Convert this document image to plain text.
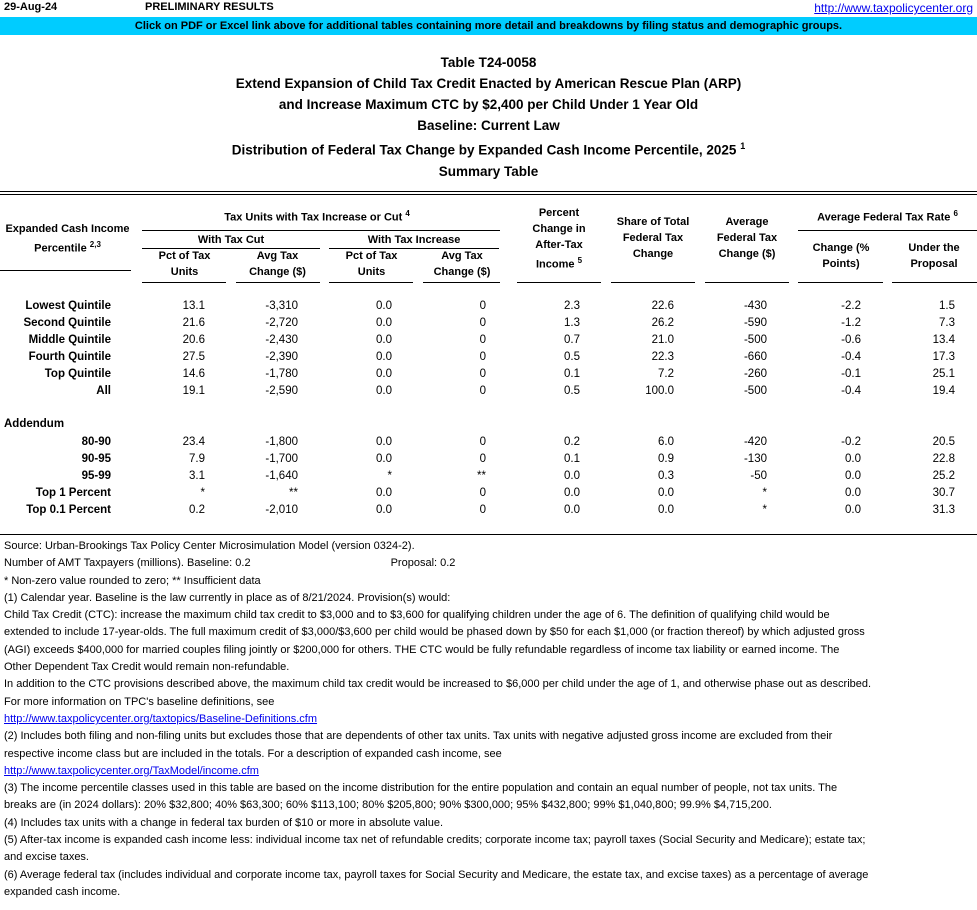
29-Aug-24	PRELIMINARY RESULTS	http://www.taxpolicycenter.org
Click on PDF or Excel link above for additional tables containing more detail and breakdowns by filing status and demographic groups.
Table T24-0058
Extend Expansion of Child Tax Credit Enacted by American Rescue Plan (ARP)
and Increase Maximum CTC by $2,400 per Child Under 1 Year Old
Baseline: Current Law
Distribution of Federal Tax Change by Expanded Cash Income Percentile, 2025 $^1$
Summary Table
Expanded Cash Income
Percentile $^{2,3}$
Tax Units with Tax Increase or Cut $^4$
With Tax Cut	With Tax Increase
Pct of Tax
Units
Avg Tax
Change ($)
Pct of Tax
Units
Avg Tax
Change ($)
Percent
Change in
After-Tax
Income $^5$
Share of Total
Federal Tax
Change
Average
Federal Tax
Change ($)
Average Federal Tax Rate $^6$
Change (%
Points)
Under the
Proposal
Lowest Quintile	13.1	-3,310	0.0	0	2.3	22.6	-430	-2.2	1.5
Second Quintile	21.6	-2,720	0.0	0	1.3	26.2	-590	-1.2	7.3
Middle Quintile	20.6	-2,430	0.0	0	0.7	21.0	-500	-0.6	13.4
Fourth Quintile	27.5	-2,390	0.0	0	0.5	22.3	-660	-0.4	17.3
Top Quintile	14.6	-1,780	0.0	0	0.1	7.2	-260	-0.1	25.1
All	19.1	-2,590	0.0	0	0.5	100.0	-500	-0.4	19.4
Addendum
80-90	23.4	-1,800	0.0	0	0.2	6.0	-420	-0.2	20.5
90-95	7.9	-1,700	0.0	0	0.1	0.9	-130	0.0	22.8
95-99	3.1	-1,640	*	**	0.0	0.3	-50	0.0	25.2
Top 1 Percent	*	**	0.0	0	0.0	0.0	*	0.0	30.7
Top 0.1 Percent	0.2	-2,010	0.0	0	0.0	0.0	*	0.0	31.3
Source: Urban-Brookings Tax Policy Center Microsimulation Model (version 0324-2).
Number of AMT Taxpayers (millions). Baseline: 0.2	Proposal: 0.2
* Non-zero value rounded to zero; ** Insufficient data
(1) Calendar year. Baseline is the law currently in place as of 8/21/2024. Provision(s) would:
Child Tax Credit (CTC): increase the maximum child tax credit to $3,000 and to $3,600 for qualifying children under the age of 6. The definition of qualifying child would be
extended to include 17-year-olds. The full maximum credit of $3,000/$3,600 per child would be phased down by $50 for each $1,000 (or fraction thereof) by which adjusted gross
(AGI) exceeds $400,000 for married couples filing jointly or $200,000 for others. THE CTC would be fully refundable regardless of income tax liability or earned income. The
Other Dependent Tax Credit would remain non-refundable.
In addition to the CTC provisions described above, the maximum child tax credit would be increased to $6,000 per child under the age of 1, and otherwise phase out as described.
For more information on TPC's baseline definitions, see
http://www.taxpolicycenter.org/taxtopics/Baseline-Definitions.cfm
(2) Includes both filing and non-filing units but excludes those that are dependents of other tax units. Tax units with negative adjusted gross income are excluded from their
respective income class but are included in the totals. For a description of expanded cash income, see
http://www.taxpolicycenter.org/TaxModel/income.cfm
(3) The income percentile classes used in this table are based on the income distribution for the entire population and contain an equal number of people, not tax units. The
breaks are (in 2024 dollars): 20% $32,800; 40% $63,300; 60% $113,100; 80% $205,800; 90% $300,000; 95% $432,800; 99% $1,040,800; 99.9% $4,715,200.
(4) Includes tax units with a change in federal tax burden of $10 or more in absolute value.
(5) After-tax income is expanded cash income less: individual income tax net of refundable credits; corporate income tax; payroll taxes (Social Security and Medicare); estate tax;
and excise taxes.
(6) Average federal tax (includes individual and corporate income tax, payroll taxes for Social Security and Medicare, the estate tax, and excise taxes) as a percentage of average
expanded cash income.
